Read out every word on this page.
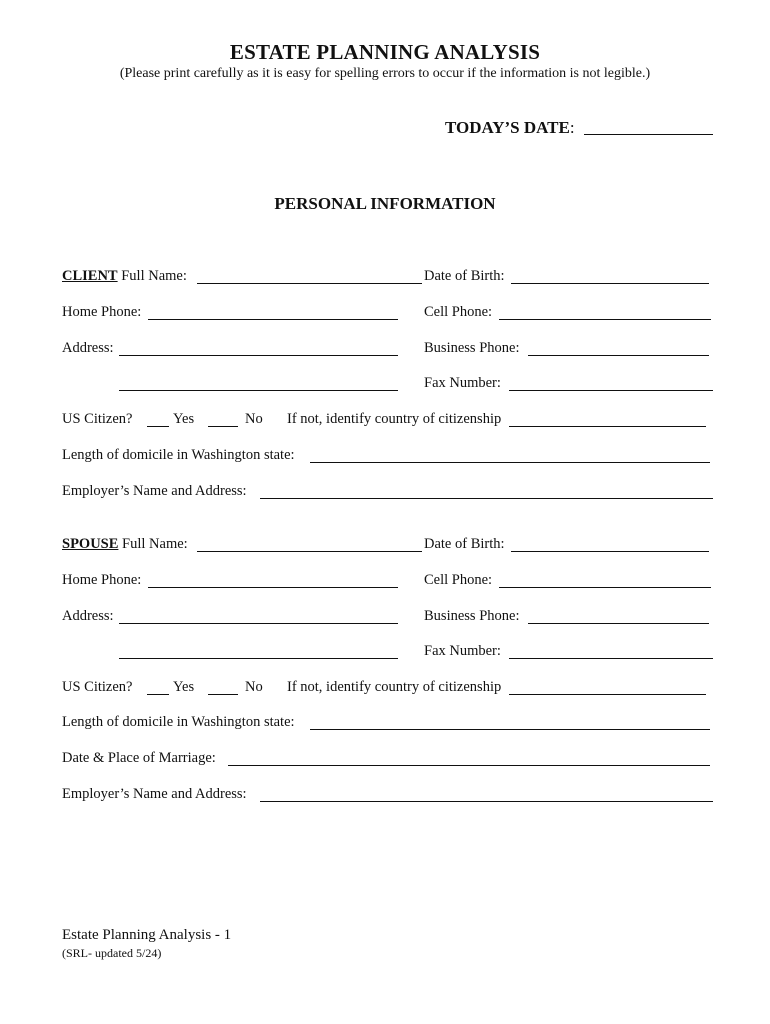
ESTATE PLANNING ANALYSIS
(Please print carefully as it is easy for spelling errors to occur if the information is not legible.)
TODAY’S DATE:
PERSONAL INFORMATION
CLIENT Full Name:	Date of Birth:
Home Phone:	Cell Phone:
Address:	Business Phone:
Fax Number:
US Citizen?	Yes	No If not, identify country of citizenship
Length of domicile in Washington state:
Employer’s Name and Address:
SPOUSE Full Name:	Date of Birth:
Home Phone:	Cell Phone:
Address:	Business Phone:
Fax Number:
US Citizen?	Yes	No If not, identify country of citizenship
Length of domicile in Washington state:
Date & Place of Marriage:
Employer’s Name and Address:
Estate Planning Analysis - 1
(SRL- updated 5/24)
